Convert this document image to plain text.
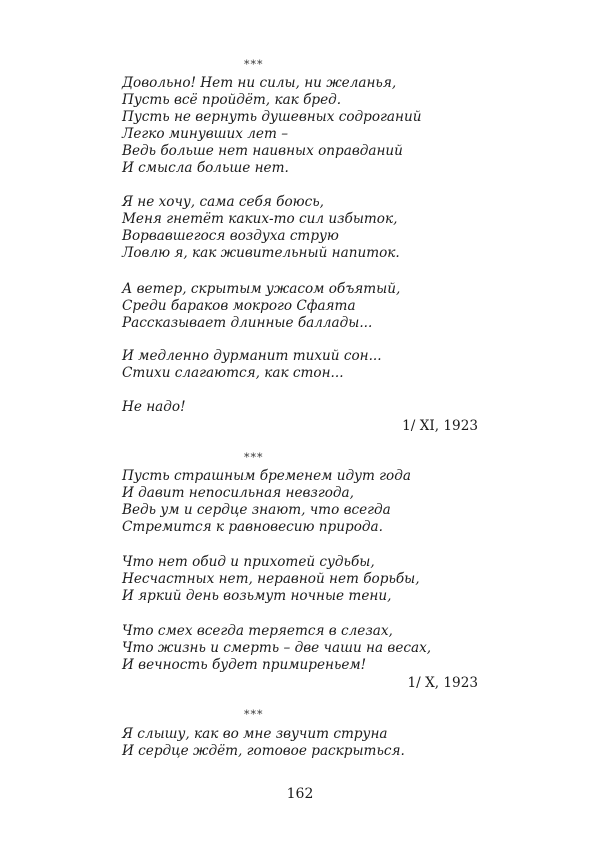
***
Довольно! Нет ни силы, ни желанья,
Пусть всё пройдёт, как бред.
Пусть не вернуть душевных содроганий
Легко минувших лет –
Ведь больше нет наивных оправданий
И смысла больше нет.
Я не хочу, сама себя боюсь,
Меня гнетёт каких-то сил избыток,
Ворвавшегося воздуха струю
Ловлю я, как живительный напиток.
А ветер, скрытым ужасом объятый,
Среди бараков мокрого Сфаята
Рассказывает длинные баллады...
И медленно дурманит тихий сон...
Стихи слагаются, как стон...
Не надо!
1/ XI, 1923
***
Пусть страшным бременем идут года
И давит непосильная невзгода,
Ведь ум и сердце знают, что всегда
Стремится к равновесию природа.
Что нет обид и прихотей судьбы,
Несчастных нет, неравной нет борьбы,
И яркий день возьмут ночные тени,
Что смех всегда теряется в слезах,
Что жизнь и смерть – две чаши на весах,
И вечность будет примиреньем!
1/ X, 1923
***
Я слышу, как во мне звучит струна
И сердце ждёт, готовое раскрыться.
162
